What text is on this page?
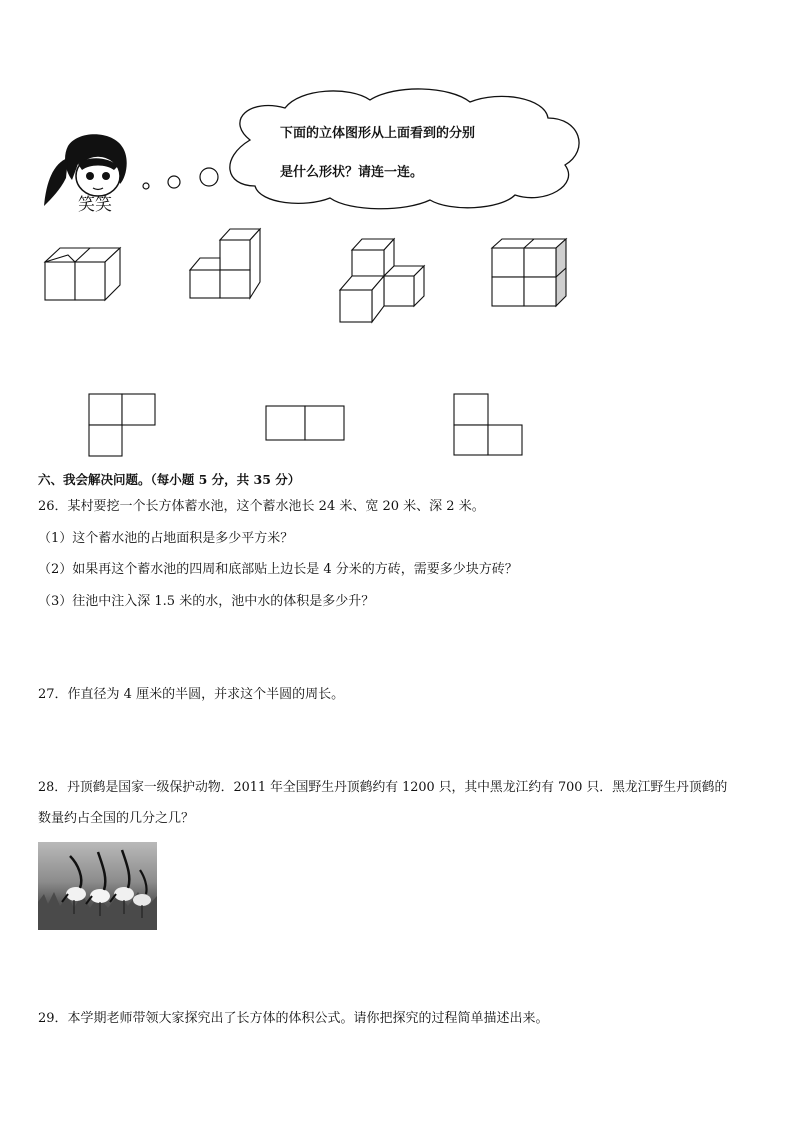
笑笑
下面的立体图形从上面看到的分别
是什么形状？请连一连。
六、我会解决问题。（每小题 5 分，共 35 分）
26．某村要挖一个长方体蓄水池，这个蓄水池长 24 米、宽 20 米、深 2 米。
（1）这个蓄水池的占地面积是多少平方米？
（2）如果再这个蓄水池的四周和底部贴上边长是 4 分米的方砖，需要多少块方砖？
（3）往池中注入深 1.5 米的水，池中水的体积是多少升？
27．作直径为 4 厘米的半圆，并求这个半圆的周长。
28．丹顶鹤是国家一级保护动物．2011 年全国野生丹顶鹤约有 1200 只，其中黑龙江约有 700 只．黑龙江野生丹顶鹤的
数量约占全国的几分之几？
29．本学期老师带领大家探究出了长方体的体积公式。请你把探究的过程简单描述出来。
